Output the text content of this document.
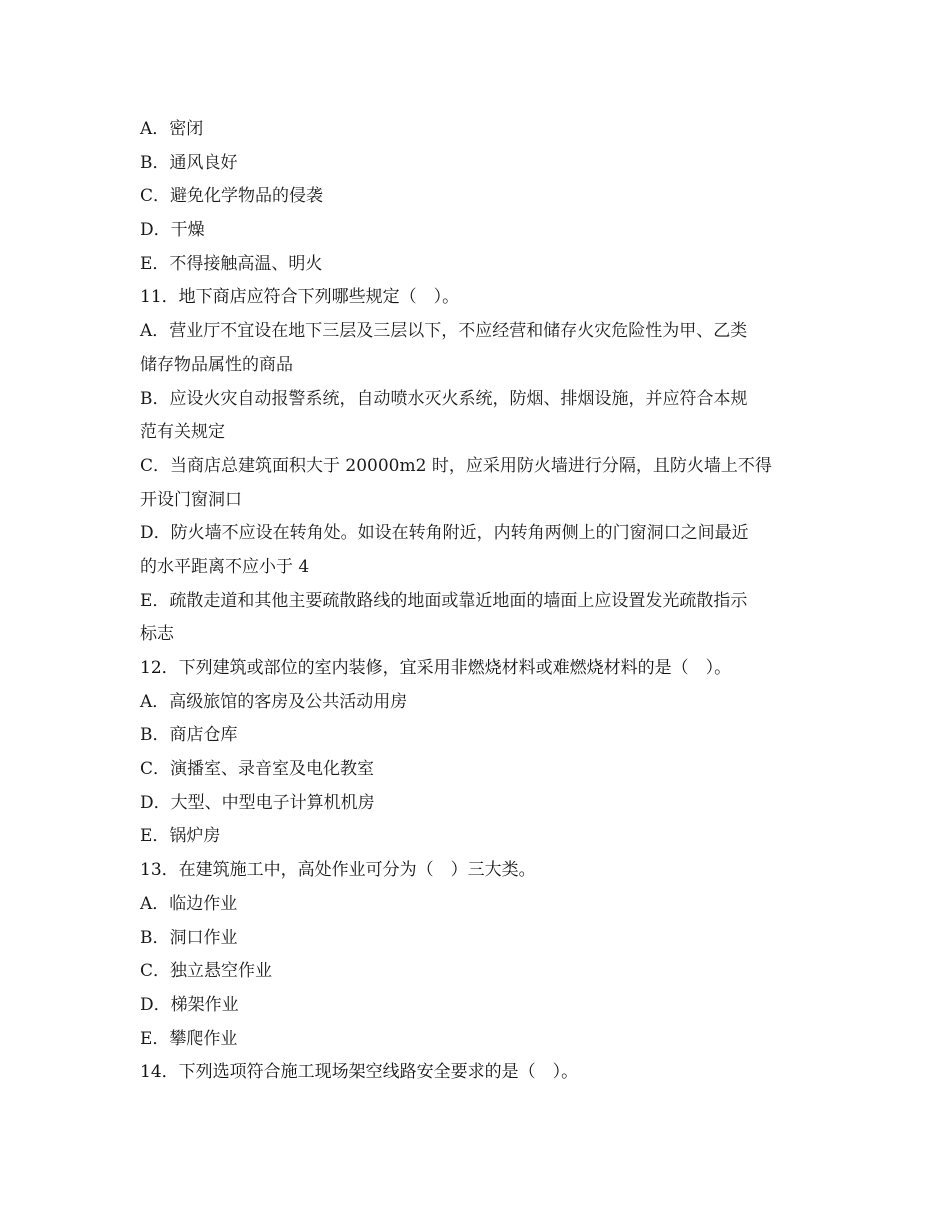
A．密闭

B．通风良好

C．避免化学物品的侵袭

D．干燥

E．不得接触高温、明火

11．地下商店应符合下列哪些规定（　）。

A．营业厅不宜设在地下三层及三层以下，不应经营和储存火灾危险性为甲、乙类

储存物品属性的商品

B．应设火灾自动报警系统，自动喷水灭火系统，防烟、排烟设施，并应符合本规

范有关规定

C．当商店总建筑面积大于 20000m2 时，应采用防火墙进行分隔，且防火墙上不得

开设门窗洞口

D．防火墙不应设在转角处。如设在转角附近，内转角两侧上的门窗洞口之间最近

的水平距离不应小于 4

E．疏散走道和其他主要疏散路线的地面或靠近地面的墙面上应设置发光疏散指示

标志

12．下列建筑或部位的室内装修，宜采用非燃烧材料或难燃烧材料的是（　）。

A．高级旅馆的客房及公共活动用房

B．商店仓库

C．演播室、录音室及电化教室

D．大型、中型电子计算机机房

E．锅炉房

13．在建筑施工中，高处作业可分为（　）三大类。

A．临边作业

B．洞口作业

C．独立悬空作业

D．梯架作业

E．攀爬作业

14．下列选项符合施工现场架空线路安全要求的是（　）。
